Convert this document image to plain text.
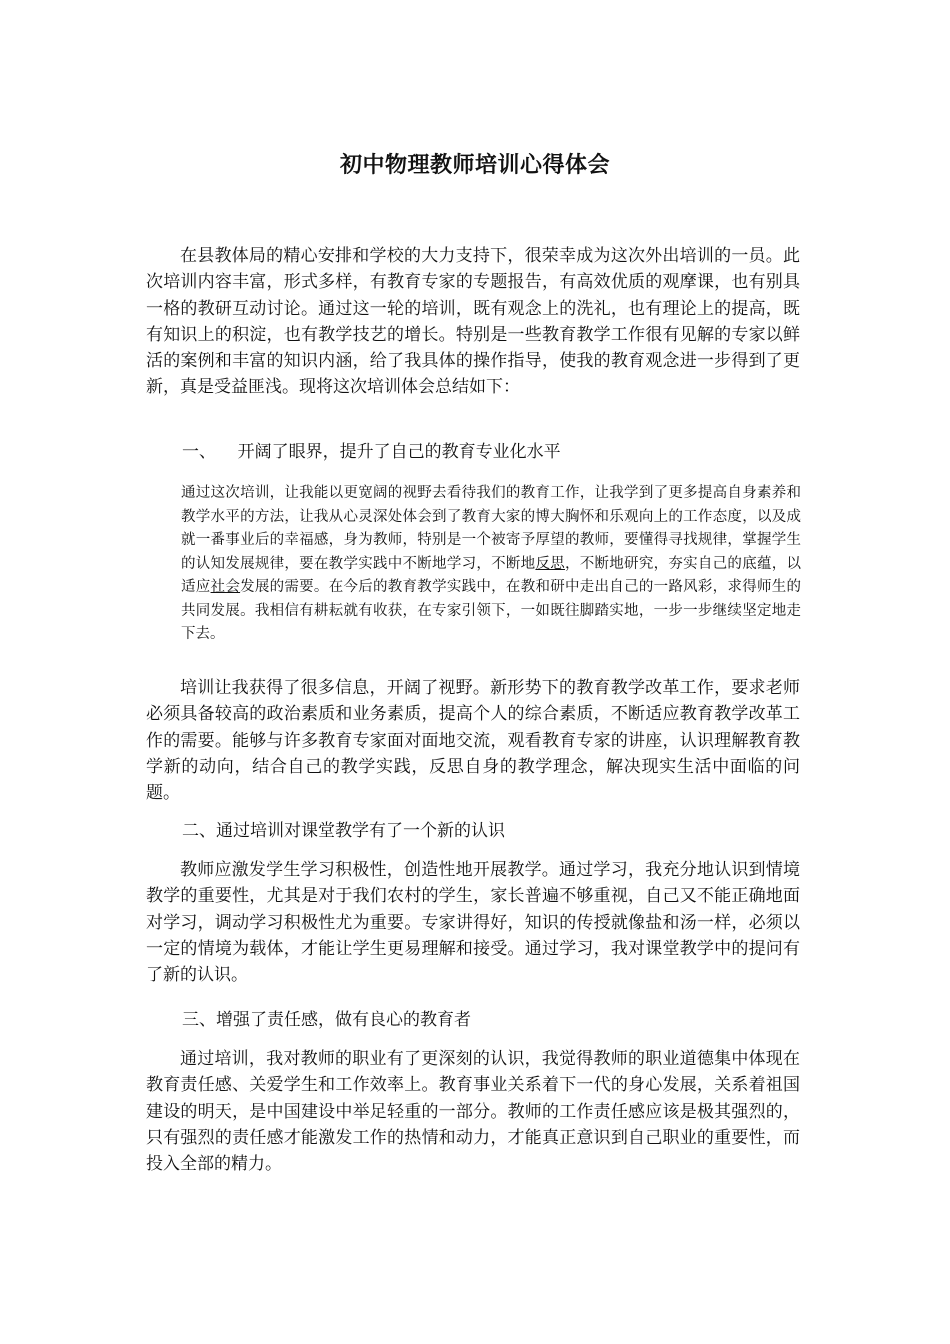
初中物理教师培训心得体会

在县教体局的精心安排和学校的大力支持下，很荣幸成为这次外出培训的一员。此次培训内容丰富，形式多样，有教育专家的专题报告，有高效优质的观摩课，也有别具一格的教研互动讨论。通过这一轮的培训，既有观念上的洗礼，也有理论上的提高，既有知识上的积淀，也有教学技艺的增长。特别是一些教育教学工作很有见解的专家以鲜活的案例和丰富的知识内涵，给了我具体的操作指导，使我的教育观念进一步得到了更新，真是受益匪浅。现将这次培训体会总结如下：

一、    开阔了眼界，提升了自己的教育专业化水平

通过这次培训，让我能以更宽阔的视野去看待我们的教育工作，让我学到了更多提高自身素养和教学水平的方法，让我从心灵深处体会到了教育大家的博大胸怀和乐观向上的工作态度，以及成就一番事业后的幸福感，身为教师，特别是一个被寄予厚望的教师，要懂得寻找规律，掌握学生的认知发展规律，要在教学实践中不断地学习，不断地反思，不断地研究，夯实自己的底蕴，以适应社会发展的需要。在今后的教育教学实践中，在教和研中走出自己的一路风彩，求得师生的共同发展。我相信有耕耘就有收获，在专家引领下，一如既往脚踏实地，一步一步继续坚定地走下去。

培训让我获得了很多信息，开阔了视野。新形势下的教育教学改革工作，要求老师必须具备较高的政治素质和业务素质，提高个人的综合素质，不断适应教育教学改革工作的需要。能够与许多教育专家面对面地交流，观看教育专家的讲座，认识理解教育教学新的动向，结合自己的教学实践，反思自身的教学理念，解决现实生活中面临的问题。

二、通过培训对课堂教学有了一个新的认识

教师应激发学生学习积极性，创造性地开展教学。通过学习，我充分地认识到情境教学的重要性，尤其是对于我们农村的学生，家长普遍不够重视，自己又不能正确地面对学习，调动学习积极性尤为重要。专家讲得好，知识的传授就像盐和汤一样，必须以一定的情境为载体，才能让学生更易理解和接受。通过学习，我对课堂教学中的提问有了新的认识。

三、增强了责任感，做有良心的教育者

通过培训，我对教师的职业有了更深刻的认识，我觉得教师的职业道德集中体现在教育责任感、关爱学生和工作效率上。教育事业关系着下一代的身心发展，关系着祖国建设的明天，是中国建设中举足轻重的一部分。教师的工作责任感应该是极其强烈的，只有强烈的责任感才能激发工作的热情和动力，才能真正意识到自己职业的重要性，而投入全部的精力。
